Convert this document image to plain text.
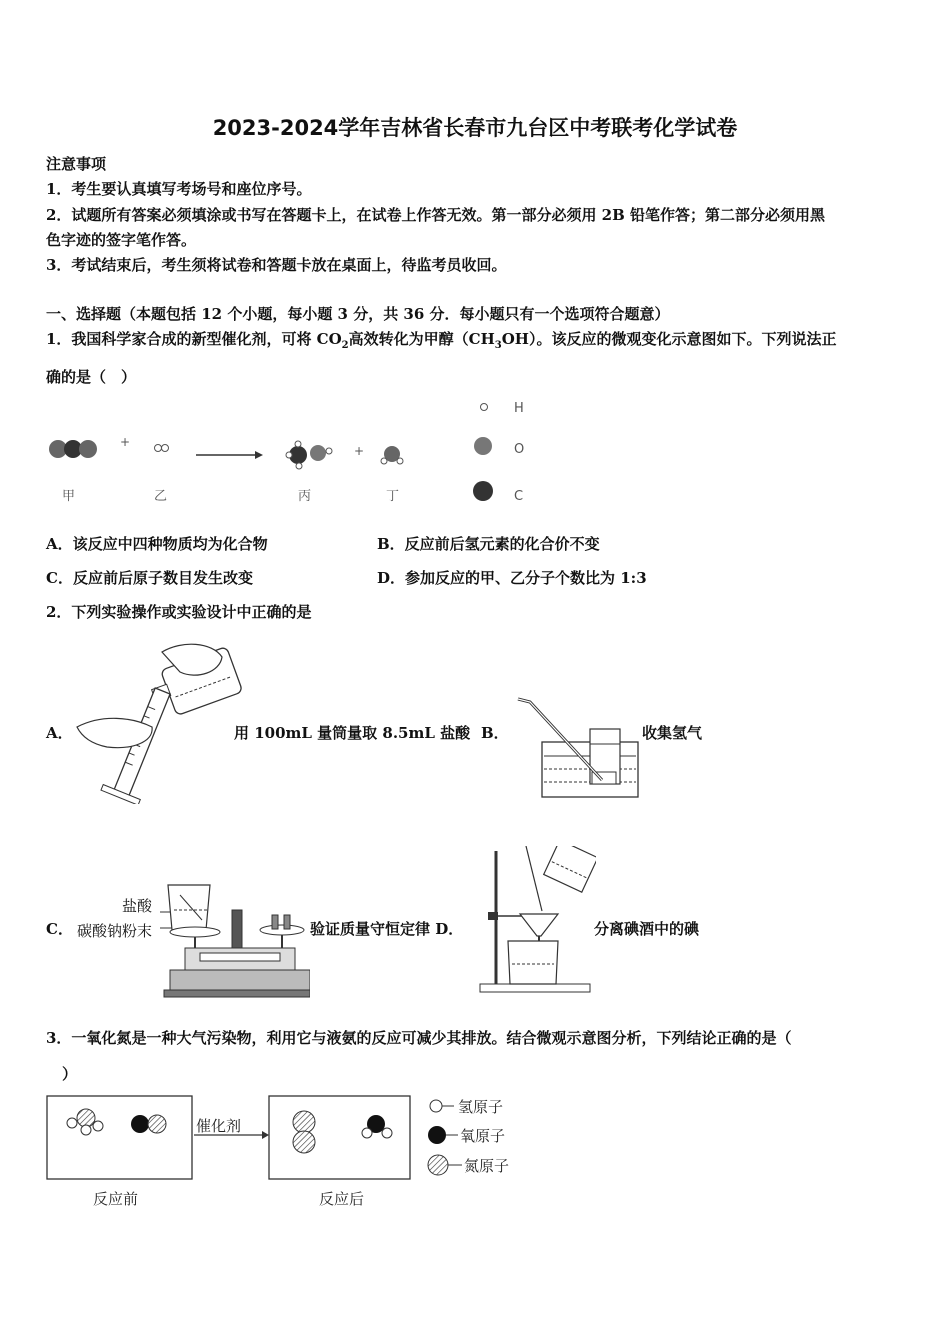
2023-2024学年吉林省长春市九台区中考联考化学试卷
注意事项
1．考生要认真填写考场号和座位序号。
2．试题所有答案必须填涂或书写在答题卡上，在试卷上作答无效。第一部分必须用 2B 铅笔作答；第二部分必须用黑
色字迹的签字笔作答。
3．考试结束后，考生须将试卷和答题卡放在桌面上，待监考员收回。
一、选择题（本题包括 12 个小题，每小题 3 分，共 36 分．每小题只有一个选项符合题意）
1．我国科学家合成的新型催化剂，可将 $CO_2$高效转化为甲醇$(CH_3OH)$。该反应的微观变化示意图如下。下列说法正
确的是（　）
+
+
甲	乙	丙	丁
H
O
C
A．该反应中四种物质均为化合物	B．反应前后氢元素的化合价不变
C．反应前后原子数目发生改变	D．参加反应的甲、乙分子个数比为 1:3
2．下列实验操作或实验设计中正确的是
A．	用 100mL 量筒量取 8.5mL 盐酸 B．	收集氢气
C．
盐酸
碳酸钠粉末	验证质量守恒定律 D．	分离碘酒中的碘
3．一氧化氮是一种大气污染物，利用它与液氨的反应可减少其排放。结合微观示意图分析，下列结论正确的是（
）
催化剂
反应前	反应后
氢原子
氧原子
氮原子
